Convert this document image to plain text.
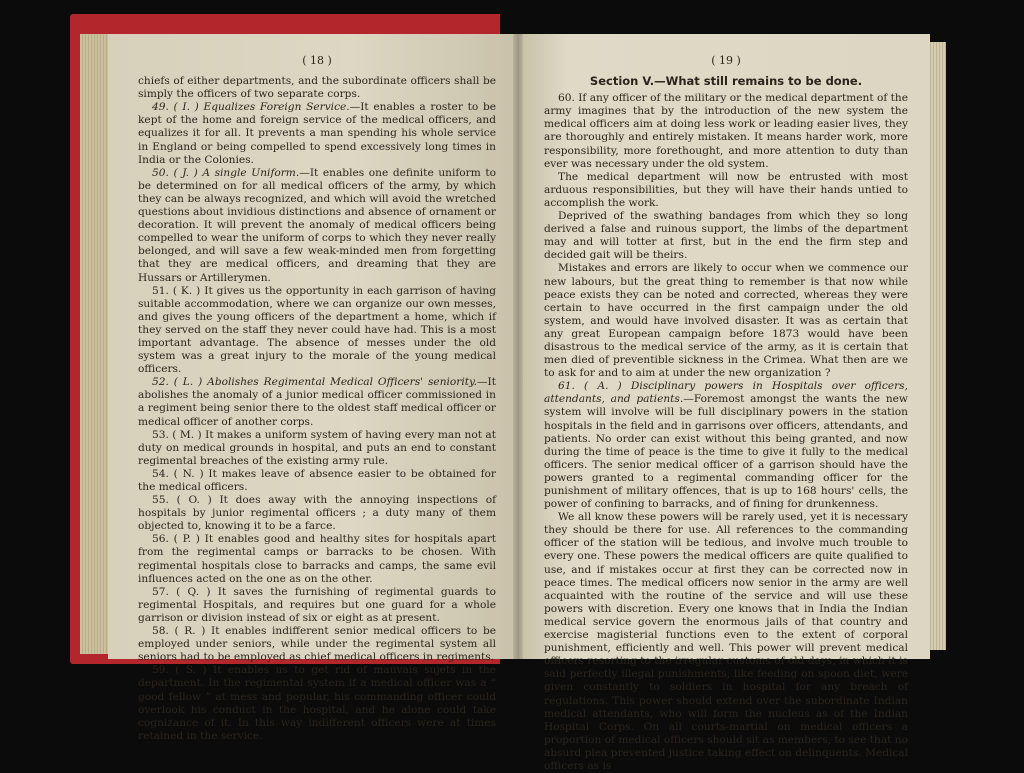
( 18 )

chiefs of either departments, and the subordinate officers shall be simply the officers of two separate corps.

49. ( I. ) Equalizes Foreign Service.—It enables a roster to be kept of the home and foreign service of the medical officers, and equalizes it for all. It prevents a man spending his whole service in England or being compelled to spend excessively long times in India or the Colonies.

50. ( J. ) A single Uniform.—It enables one definite uniform to be determined on for all medical officers of the army, by which they can be always recognized, and which will avoid the wretched questions about invidious distinctions and absence of ornament or decoration. It will prevent the anomaly of medical officers being compelled to wear the uniform of corps to which they never really belonged, and will save a few weak-minded men from forgetting that they are medical officers, and dreaming that they are Hussars or Artillerymen.

51. ( K. ) It gives us the opportunity in each garrison of having suitable accommodation, where we can organize our own messes, and gives the young officers of the department a home, which if they served on the staff they never could have had. This is a most important advantage. The absence of messes under the old system was a great injury to the morale of the young medical officers.

52. ( L. ) Abolishes Regimental Medical Officers' seniority.—It abolishes the anomaly of a junior medical officer commissioned in a regiment being senior there to the oldest staff medical officer or medical officer of another corps.

53. ( M. ) It makes a uniform system of having every man not at duty on medical grounds in hospital, and puts an end to constant regimental breaches of the existing army rule.

54. ( N. ) It makes leave of absence easier to be obtained for the medical officers.

55. ( O. ) It does away with the annoying inspections of hospitals by junior regimental officers ; a duty many of them objected to, knowing it to be a farce.

56. ( P. ) It enables good and healthy sites for hospitals apart from the regimental camps or barracks to be chosen. With regimental hospitals close to barracks and camps, the same evil influences acted on the one as on the other.

57. ( Q. ) It saves the furnishing of regimental guards to regimental Hospitals, and requires but one guard for a whole garrison or division instead of six or eight as at present.

58. ( R. ) It enables indifferent senior medical officers to be employed under seniors, while under the regimental system all seniors had to be employed as chief medical officers in regiments.

59. ( S. ) It enables us to get rid of mauvais sujets in the department. In the regimental system if a medical officer was a “ good fellow ” at mess and popular, his commanding officer could overlook his conduct in the hospital, and he alone could take cognizance of it. In this way indifferent officers were at times retained in the service.

( 19 )
Section V.—What still remains to be done.

60. If any officer of the military or the medical department of the army imagines that by the introduction of the new system the medical officers aim at doing less work or leading easier lives, they are thoroughly and entirely mistaken. It means harder work, more responsibility, more forethought, and more attention to duty than ever was necessary under the old system.

The medical department will now be entrusted with most arduous responsibilities, but they will have their hands untied to accomplish the work.

Deprived of the swathing bandages from which they so long derived a false and ruinous support, the limbs of the department may and will totter at first, but in the end the firm step and decided gait will be theirs.

Mistakes and errors are likely to occur when we commence our new labours, but the great thing to remember is that now while peace exists they can be noted and corrected, whereas they were certain to have occurred in the first campaign under the old system, and would have involved disaster. It was as certain that any great European campaign before 1873 would have been disastrous to the medical service of the army, as it is certain that men died of preventible sickness in the Crimea. What then are we to ask for and to aim at under the new organization ?

61. ( A. ) Disciplinary powers in Hospitals over officers, attendants, and patients.—Foremost amongst the wants the new system will involve will be full disciplinary powers in the station hospitals in the field and in garrisons over officers, attendants, and patients. No order can exist without this being granted, and now during the time of peace is the time to give it fully to the medical officers. The senior medical officer of a garrison should have the powers granted to a regimental commanding officer for the punishment of military offences, that is up to 168 hours' cells, the power of confining to barracks, and of fining for drunkenness.

We all know these powers will be rarely used, yet it is necessary they should be there for use. All references to the commanding officer of the station will be tedious, and involve much trouble to every one. These powers the medical officers are quite qualified to use, and if mistakes occur at first they can be corrected now in peace times. The medical officers now senior in the army are well acquainted with the routine of the service and will use these powers with discretion. Every one knows that in India the Indian medical service govern the enormous jails of that country and exercise magisterial functions even to the extent of corporal punishment, efficiently and well. This power will prevent medical officers resorting to the irregular customs of old days, in which it is said perfectly illegal punishments, like feeding on spoon diet, were given constantly to soldiers in hospital for any breach of regulations. This power should extend over the subordinate Indian medical attendants, who will form the nucleus as of the Indian Hospital Corps. On all courts-martial on medical officers a proportion of medical officers should sit as members, to see that no absurd plea prevented justice taking effect on delinquents. Medical officers as is
